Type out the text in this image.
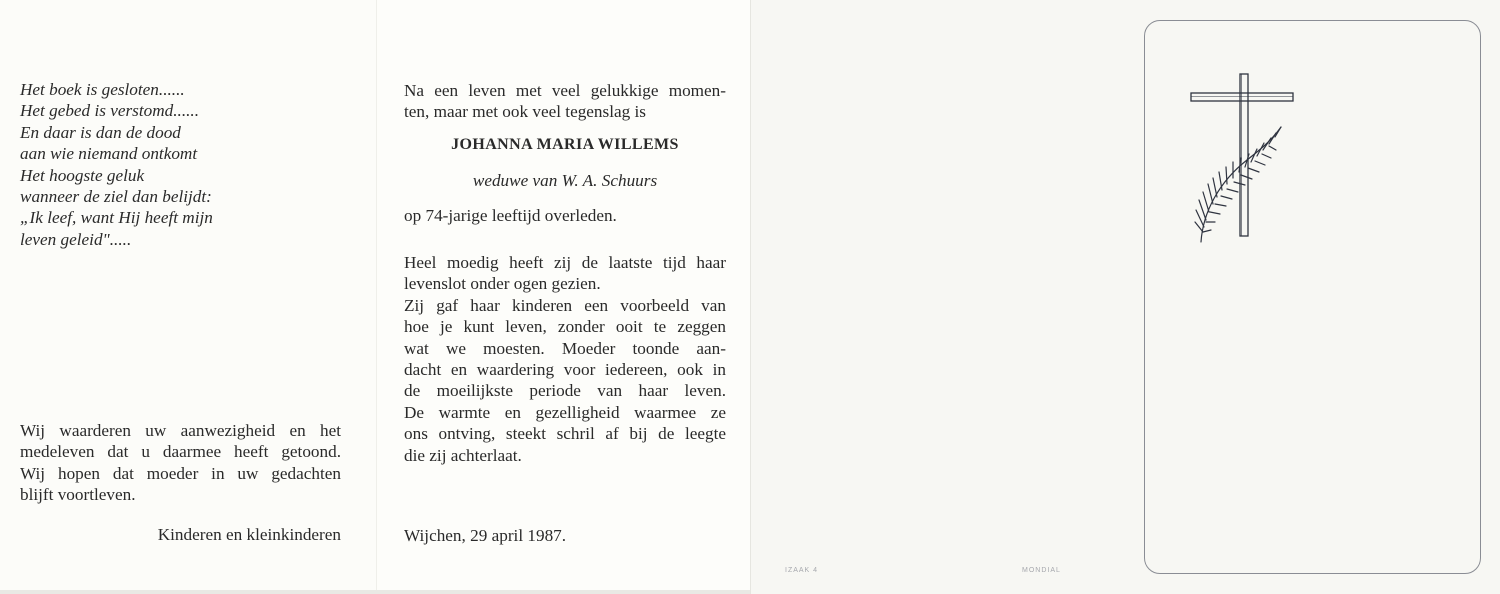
Het boek is gesloten......
Het gebed is verstomd......
En daar is dan de dood
aan wie niemand ontkomt
Het hoogste geluk
wanneer de ziel dan belijdt:
„Ik leef, want Hij heeft mijn
leven geleid".....
Wij waarderen uw aanwezigheid en het
medeleven dat u daarmee heeft getoond.
Wij hopen dat moeder in uw gedachten
blijft voortleven.
Kinderen en kleinkinderen
Na een leven met veel gelukkige momen-
ten, maar met ook veel tegenslag is
JOHANNA MARIA WILLEMS
weduwe van W. A. Schuurs
op 74-jarige leeftijd overleden.
Heel moedig heeft zij de laatste tijd haar
levenslot onder ogen gezien.
Zij gaf haar kinderen een voorbeeld van
hoe je kunt leven, zonder ooit te zeggen
wat we moesten. Moeder toonde aan-
dacht en waardering voor iedereen, ook in
de moeilijkste periode van haar leven.
De warmte en gezelligheid waarmee ze
ons ontving, steekt schril af bij de leegte
die zij achterlaat.
Wijchen, 29 april 1987.
IZAAK 4	MONDIAL
